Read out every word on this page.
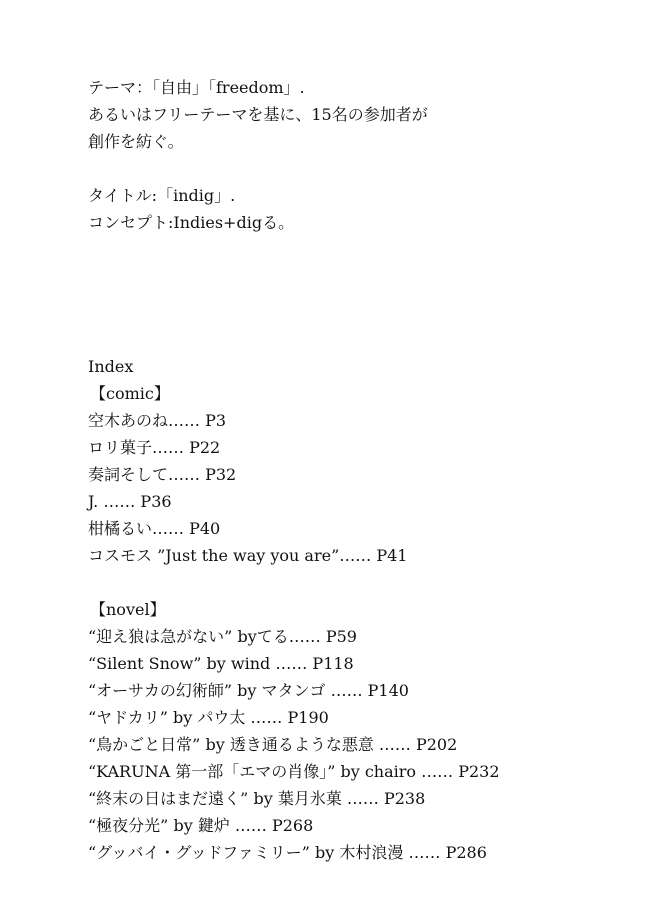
テーマ：「自由」「freedom」.
あるいはフリーテーマを基に、15名の参加者が
創作を紡ぐ。
タイトル:「indig」.
コンセプト:Indies+digる。
Index
【comic】
空木あのね…… P3
ロリ菓子…… P22
奏詞そして…… P32
J. …… P36
柑橘るい…… P40
コスモス ”Just the way you are”…… P41
【novel】
“迎え狼は急がない” byてる…… P59
“Silent Snow” by wind …… P118
“オーサカの幻術師” by マタンゴ …… P140
“ヤドカリ” by パウ太 …… P190
“鳥かごと日常” by 透き通るような悪意 …… P202
“KARUNA 第一部「エマの肖像」” by chairo …… P232
“終末の日はまだ遠く” by 葉月氷菓 …… P238
“極夜分光” by 鍵炉 …… P268
“グッバイ・グッドファミリー” by 木村浪漫 …… P286
